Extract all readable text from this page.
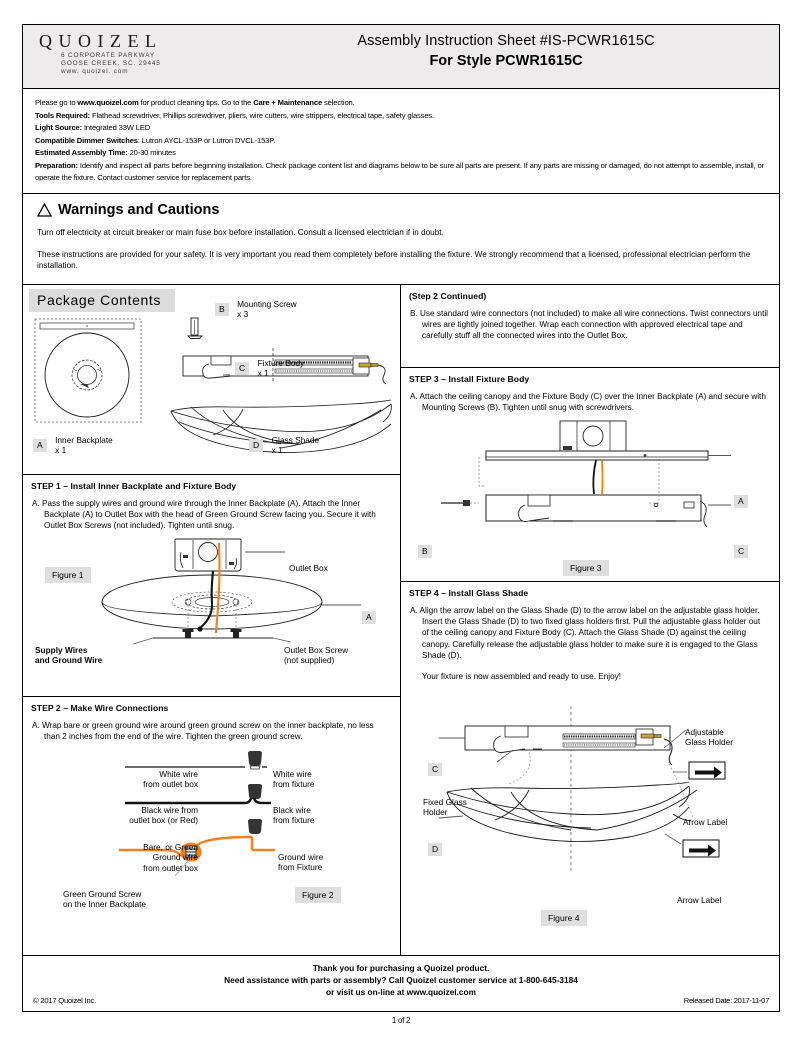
QUOIZEL
6 CORPORATE PARKWAY
GOOSE CREEK, SC. 29445
www. quoizel. com
Assembly Instruction Sheet #IS-PCWR1615C
For Style PCWR1615C

Please go to www.quoizel.com for product cleaning tips. Go to the Care + Maintenance selection.

Tools Required: Flathead screwdriver, Phillips screwdriver, pliers, wire cutters, wire strippers, electrical tape, safety glasses.

Light Source: Integrated 33W LED

Compatible Dimmer Switches: Lutron AYCL-153P or Lutron DVCL-153P.

Estimated Assembly Time: 20-30 minutes

Preparation: Identify and inspect all parts before beginning installation. Check package content list and diagrams below to be sure all parts are present. If any parts are missing or damaged, do not attempt to assemble, install, or operate the fixture. Contact customer service for replacement parts.

Warnings and Cautions

Turn off electricity at circuit breaker or main fuse box before installation. Consult a licensed electrician if in doubt.

These instructions are provided for your safety. It is very important you read them completely before installing the fixture. We strongly recommend that a licensed, professional electrician perform the installation.

Package Contents
A Inner Backplate
x 1
B Mounting Screw
x 3
C Fixture Body
x 1
D Glass Shade
x 1
STEP 1 – Install Inner Backplate and Fixture Body
A. Pass the supply wires and ground wire through the Inner Backplate (A). Attach the Inner Backplate (A) to Outlet Box with the head of Green Ground Screw facing you. Secure it with Outlet Box Screws (not included). Tighten until snug.
Figure 1
Outlet Box
A
Supply Wires
and Ground Wire
Outlet Box Screw
(not supplied)
STEP 2 – Make Wire Connections
A. Wrap bare or green ground wire around green ground screw on the inner backplate, no less than 2 inches from the end of the wire. Tighten the green ground screw.
White wire
from outlet box
White wire
from fixture
Black wire from
outlet box (or Red)
Black wire
from fixture
Bare, or Green
Ground wire
from outlet box
Ground wire
from Fixture
Green Ground Screw
on the Inner Backplate
Figure 2
(Step 2 Continued)
B. Use standard wire connectors (not included) to make all wire connections. Twist connectors until wires are tightly joined together. Wrap each connection with approved electrical tape and carefully stuff all the connected wires into the Outlet Box.
STEP 3 – Install Fixture Body
A. Attach the ceiling canopy and the Fixture Body (C) over the Inner Backplate (A) and secure with Mounting Screws (B). Tighten until snug with screwdrivers.
A
B	C
Figure 3
STEP 4 – Install Glass Shade
A. Align the arrow label on the Glass Shade (D) to the arrow label on the adjustable glass holder. Insert the Glass Shade (D) to two fixed glass holders first. Pull the adjustable glass holder out of the ceiling canopy and Fixture Body (C). Attach the Glass Shade (D) against the ceiling canopy. Carefully release the adjustable glass holder to make sure it is engaged to the Glass Shade (D).
Your fixture is now assembled and ready to use. Enjoy!
C
D
Adjustable
Glass Holder
Fixed Glass
Holder
Arrow Label
Arrow Label
Figure 4
Thank you for purchasing a Quoizel product.
Need assistance with parts or assembly? Call Quoizel customer service at 1-800-645-3184
or visit us on-line at www.quoizel.com
© 2017 Quoizel Inc.	Released Date: 2017-11-07
1 of 2
